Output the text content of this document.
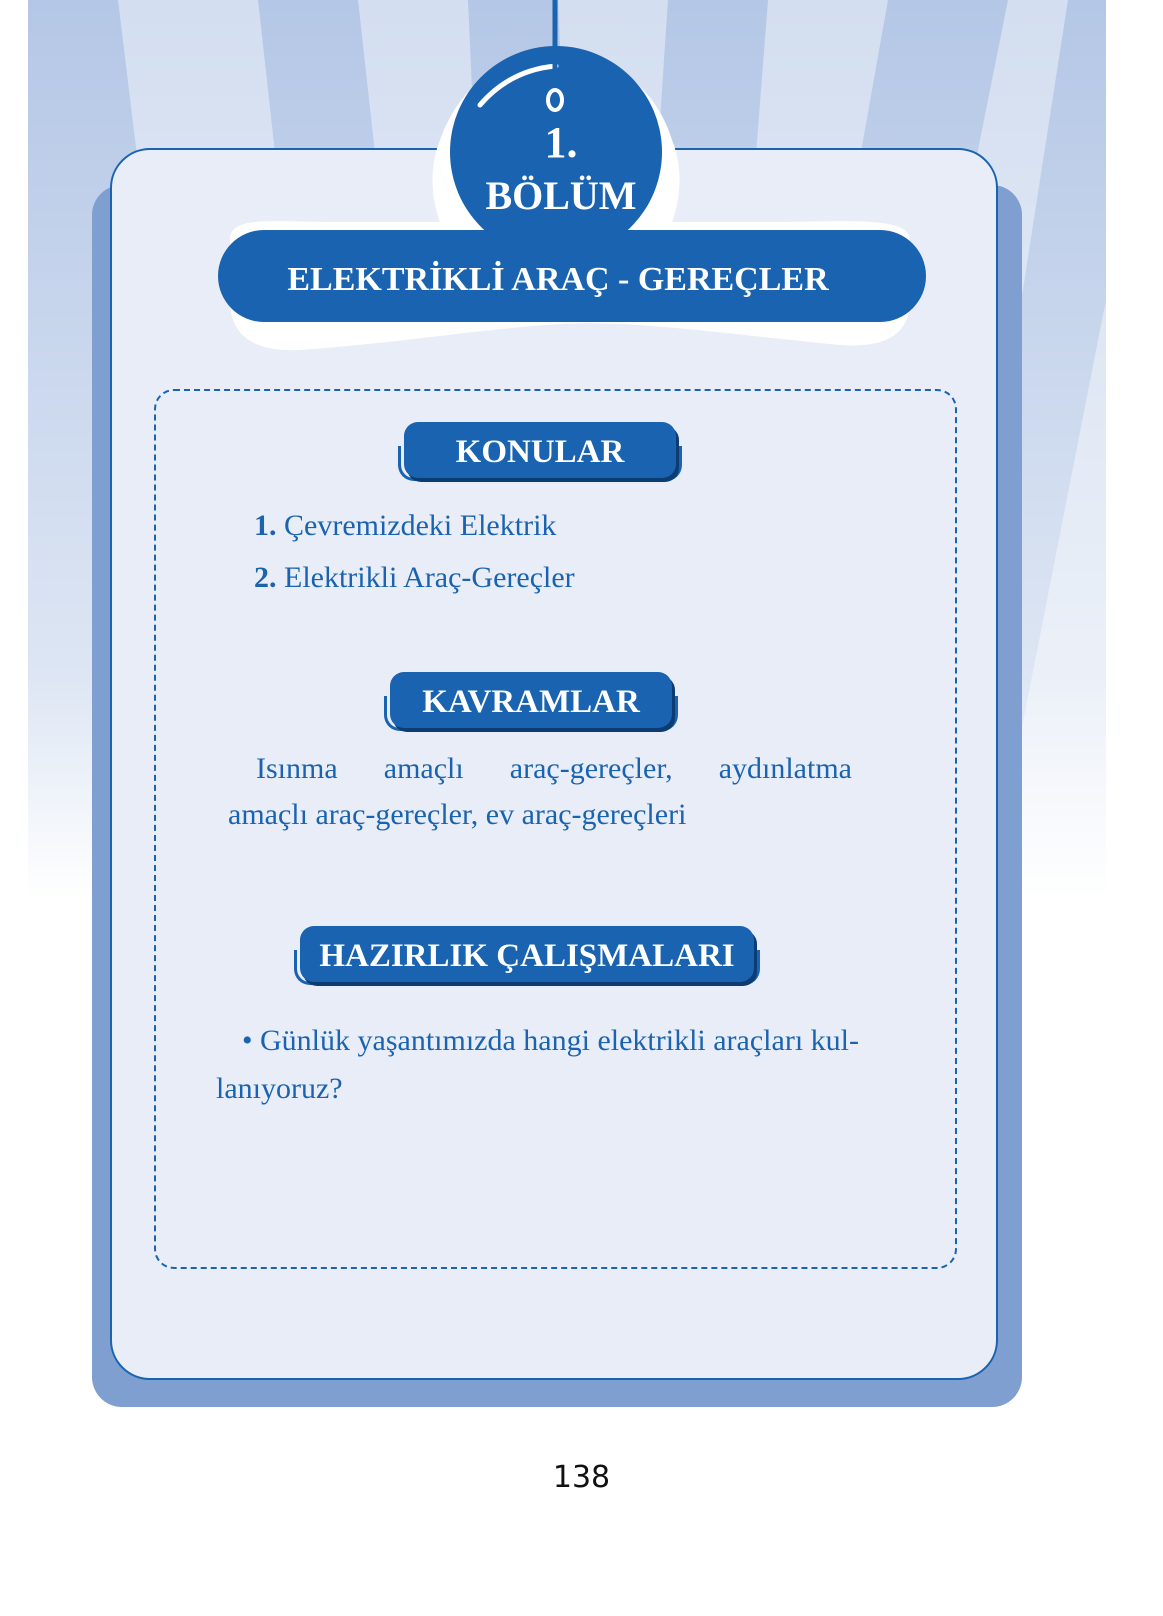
1.
BÖLÜM
ELEKTRİKLİ ARAÇ - GEREÇLER
KONULAR
1. Çevremizdeki Elektrik
2. Elektrikli Araç-Gereçler
KAVRAMLAR
Isınma amaçlı araç-gereçler, aydınlatma
amaçlı araç-gereçler, ev araç-gereçleri
HAZIRLIK ÇALIŞMALARI
• Günlük yaşantımızda hangi elektrikli araçları kul-
lanıyoruz?
138
